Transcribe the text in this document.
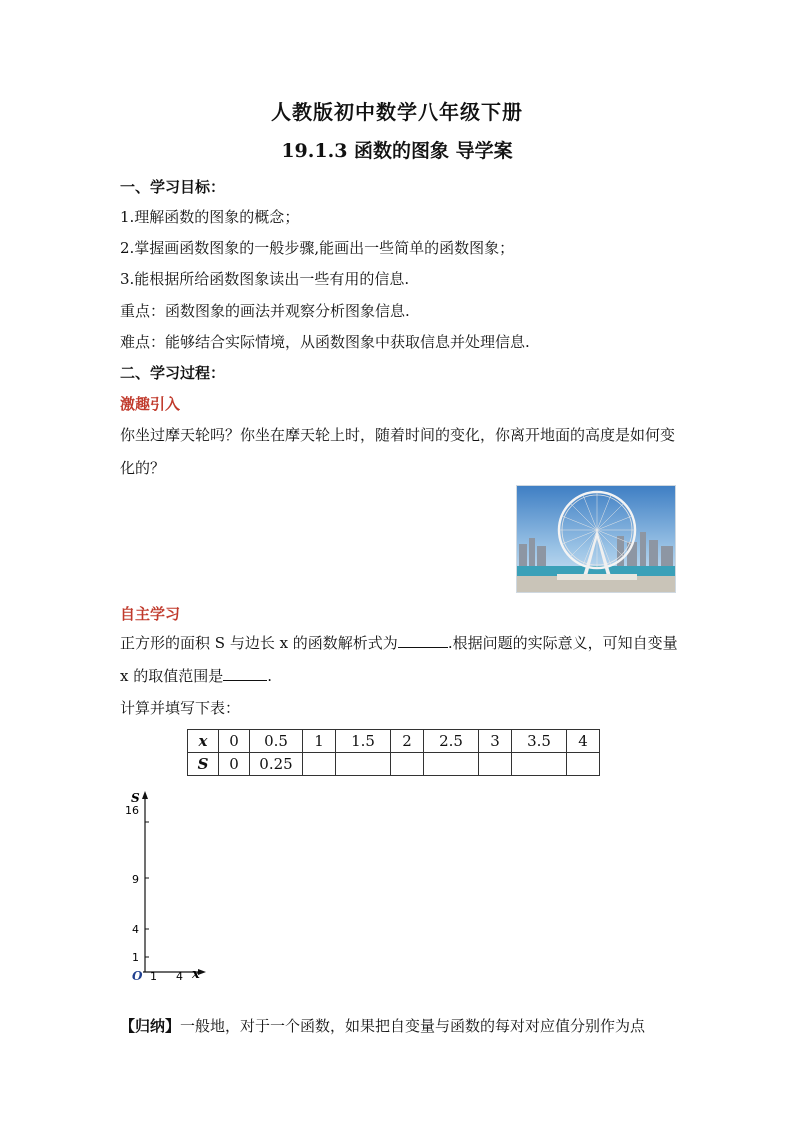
人教版初中数学八年级下册
19.1.3 函数的图象 导学案
一、学习目标：
1.理解函数的图象的概念；
2.掌握画函数图象的一般步骤,能画出一些简单的函数图象；
3.能根据所给函数图象读出一些有用的信息.
重点：函数图象的画法并观察分析图象信息.
难点：能够结合实际情境，从函数图象中获取信息并处理信息.
二、学习过程：
激趣引入
你坐过摩天轮吗？你坐在摩天轮上时，随着时间的变化，你离开地面的高度是如何变化的？
自主学习
正方形的面积 S 与边长 x 的函数解析式为	.根据问题的实际意义，可知自变量 x 的取值范围是	.
计算并填写下表：
x	0	0.5	1	1.5	2	2.5	3	3.5	4
S	0	0.25							
S
16
9
4
1
O 1 4 x
【归纳】一般地，对于一个函数，如果把自变量与函数的每对对应值分别作为点
